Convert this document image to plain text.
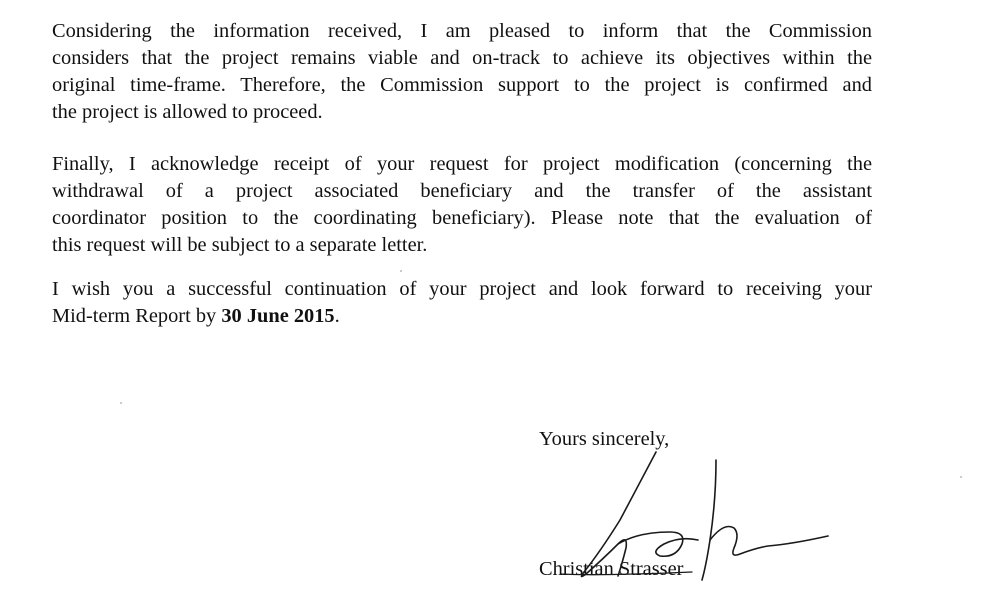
Considering the information received, I am pleased to inform that the Commission
considers that the project remains viable and on-track to achieve its objectives within the
original time-frame. Therefore, the Commission support to the project is confirmed and
the project is allowed to proceed.

Finally, I acknowledge receipt of your request for project modification (concerning the
withdrawal of a project associated beneficiary and the transfer of the assistant
coordinator position to the coordinating beneficiary). Please note that the evaluation of
this request will be subject to a separate letter.

I wish you a successful continuation of your project and look forward to receiving your
Mid-term Report by 30 June 2015.

Yours sincerely,
Christian Strasser
